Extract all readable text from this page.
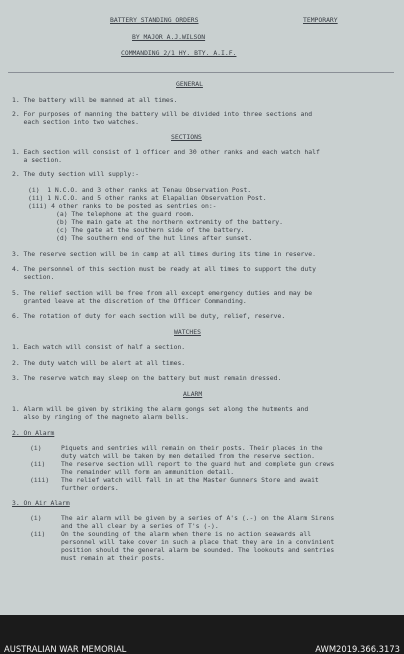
BATTERY STANDING ORDERS	TEMPORARY
BY MAJOR A.J.WILSON
COMMANDING 2/1 HY. BTY. A.I.F.
GENERAL
1. The battery will be manned at all times.
2. For purposes of manning the battery will be divided into three sections and
each section into two watches.
SECTIONS
1. Each section will consist of 1 officer and 30 other ranks and each watch half
a section.
2. The duty section will supply:-
(i)  1 N.C.O. and 3 other ranks at Tenau Observation Post.
(ii) 1 N.C.O. and 5 other ranks at Elapalian Observation Post.
(iii) 4 other ranks to be posted as sentries on:-
(a) The telephone at the guard room.
(b) The main gate at the northern extremity of the battery.
(c) The gate at the southern side of the battery.
(d) The southern end of the hut lines after sunset.
3. The reserve section will be in camp at all times during its time in reserve.
4. The personnel of this section must be ready at all times to support the duty
section.
5. The relief section will be free from all except emergency duties and may be
granted leave at the discretion of the Officer Commanding.
6. The rotation of duty for each section will be duty, relief, reserve.
WATCHES
1. Each watch will consist of half a section.
2. The duty watch will be alert at all times.
3. The reserve watch may sleep on the battery but must remain dressed.
ALARM
1. Alarm will be given by striking the alarm gongs set along the hutments and
also by ringing of the magneto alarm bells.
2. On Alarm
(i)	Piquets and sentries will remain on their posts. Their places in the
duty watch will be taken by men detailed from the reserve section.
(ii) The reserve section will report to the guard hut and complete gun crews
The remainder will form an ammunition detail.
(iii) The relief watch will fall in at the Master Gunners Store and await
further orders.
3. On Air Alarm
(i)	The air alarm will be given by a series of A's (.-) on the Alarm Sirens
and the all clear by a series of T's (-).
(ii) On the sounding of the alarm when there is no action seawards all
personnel will take cover in such a place that they are in a convinient
position should the general alarm be sounded. The lookouts and sentries
must remain at their posts.
AUSTRALIAN WAR MEMORIAL	AWM2019.366.3173
